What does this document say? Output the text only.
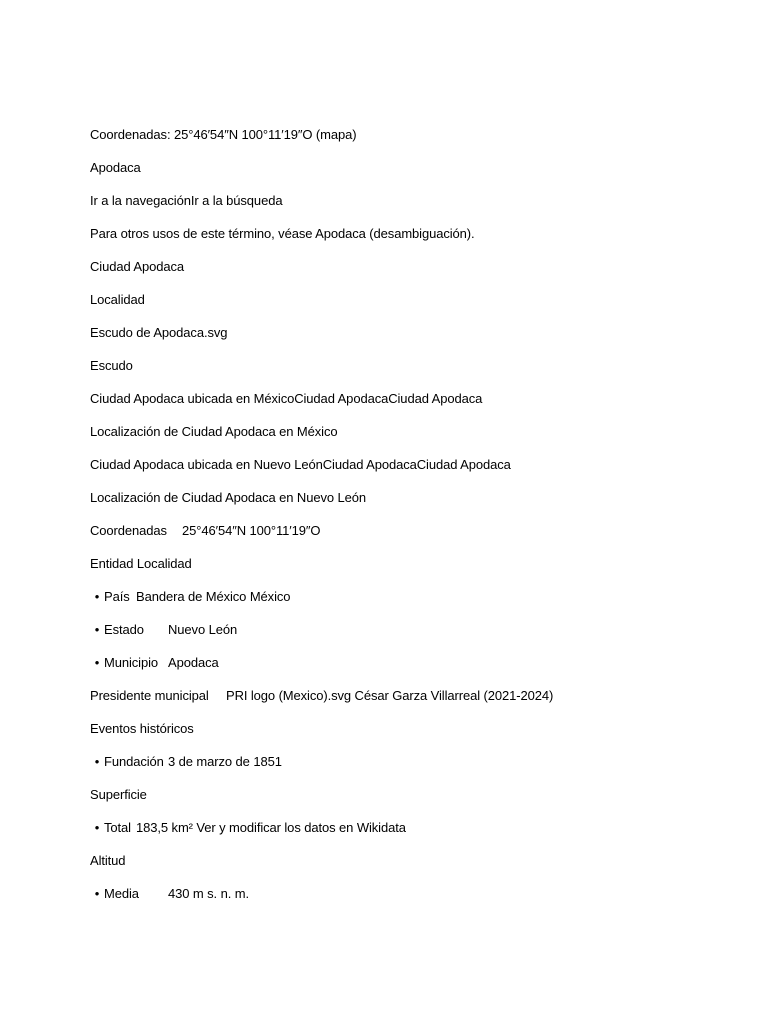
Coordenadas: 25°46′54″N 100°11′19″O (mapa)
Apodaca
Ir a la navegaciónIr a la búsqueda
Para otros usos de este término, véase Apodaca (desambiguación).
Ciudad Apodaca
Localidad
Escudo de Apodaca.svg
Escudo
Ciudad Apodaca ubicada en MéxicoCiudad ApodacaCiudad Apodaca
Localización de Ciudad Apodaca en México
Ciudad Apodaca ubicada en Nuevo LeónCiudad ApodacaCiudad Apodaca
Localización de Ciudad Apodaca en Nuevo León
Coordenadas 25°46′54″N 100°11′19″O
Entidad Localidad
• País Bandera de México México
• Estado Nuevo León
• Municipio Apodaca
Presidente municipal PRI logo (Mexico).svg César Garza Villarreal (2021-2024)
Eventos históricos
• Fundación 3 de marzo de 1851
Superficie
• Total 183,5 km² Ver y modificar los datos en Wikidata
Altitud
• Media 430 m s. n. m.
